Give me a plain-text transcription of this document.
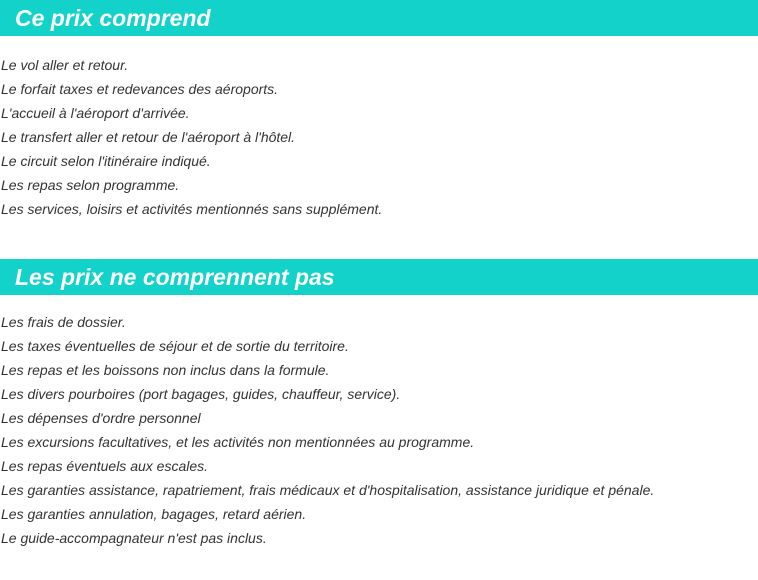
Ce prix comprend
Le vol aller et retour.
Le forfait taxes et redevances des aéroports.
L'accueil à l'aéroport d'arrivée.
Le transfert aller et retour de l'aéroport à l'hôtel.
Le circuit selon l'itinéraire indiqué.
Les repas selon programme.
Les services, loisirs et activités mentionnés sans supplément.
Les prix ne comprennent pas
Les frais de dossier.
Les taxes éventuelles de séjour et de sortie du territoire.
Les repas et les boissons non inclus dans la formule.
Les divers pourboires (port bagages, guides, chauffeur, service).
Les dépenses d'ordre personnel
Les excursions facultatives, et les activités non mentionnées au programme.
Les repas éventuels aux escales.
Les garanties assistance, rapatriement, frais médicaux et d'hospitalisation, assistance juridique et pénale.
Les garanties annulation, bagages, retard aérien.
Le guide-accompagnateur n'est pas inclus.
